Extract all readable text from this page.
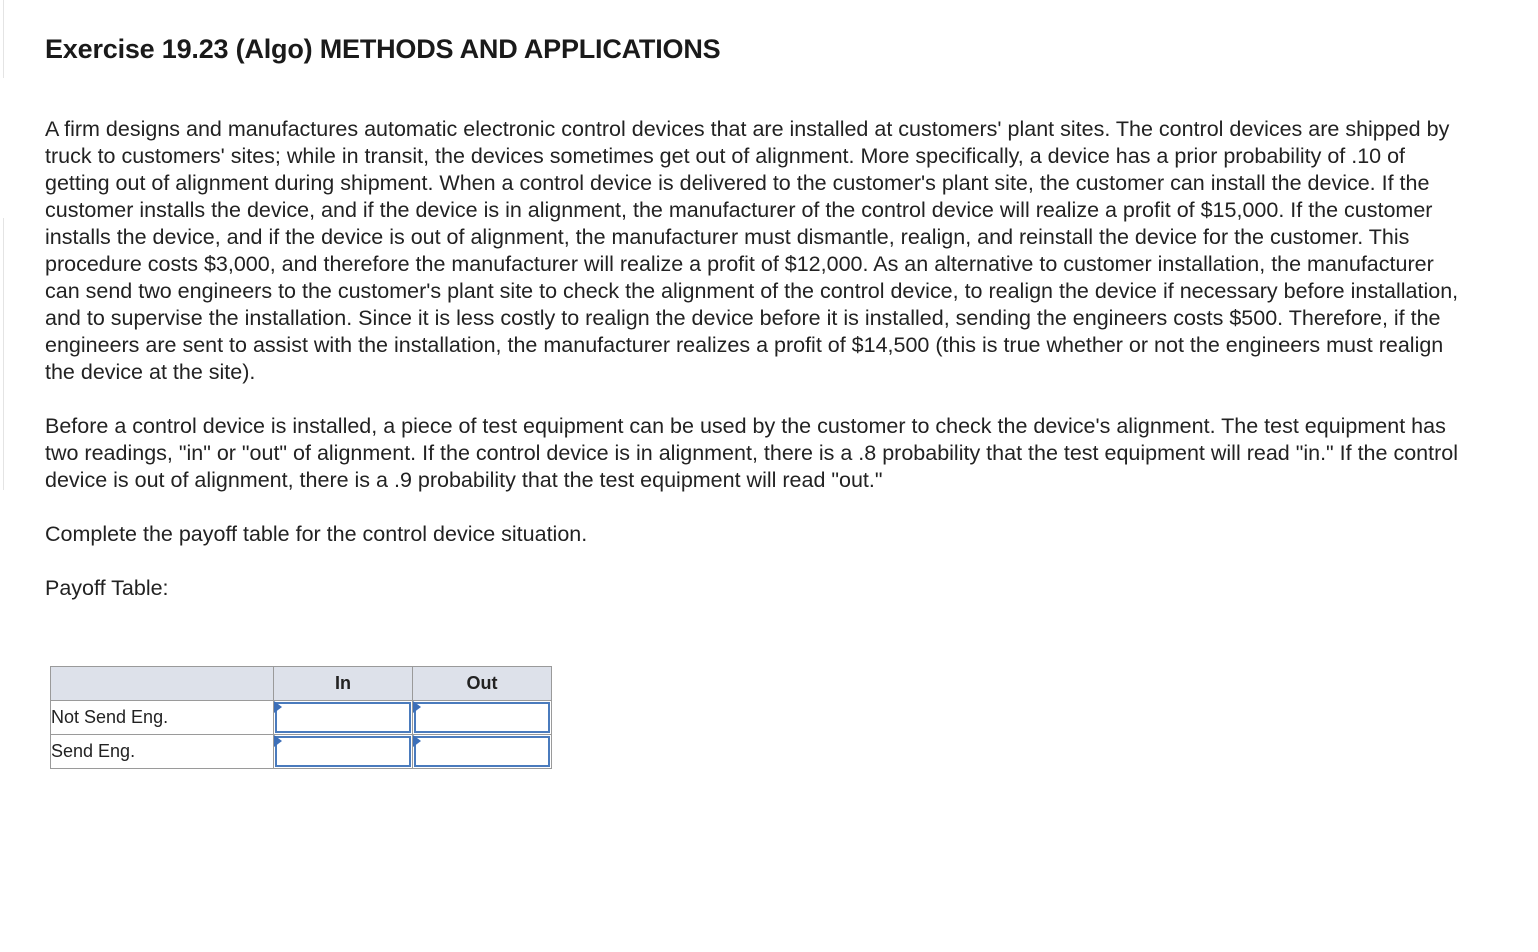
Exercise 19.23 (Algo) METHODS AND APPLICATIONS

A firm designs and manufactures automatic electronic control devices that are installed at customers' plant sites. The control devices are shipped by truck to customers' sites; while in transit, the devices sometimes get out of alignment. More specifically, a device has a prior probability of .10 of getting out of alignment during shipment. When a control device is delivered to the customer's plant site, the customer can install the device. If the customer installs the device, and if the device is in alignment, the manufacturer of the control device will realize a profit of $15,000. If the customer installs the device, and if the device is out of alignment, the manufacturer must dismantle, realign, and reinstall the device for the customer. This procedure costs $3,000, and therefore the manufacturer will realize a profit of $12,000. As an alternative to customer installation, the manufacturer can send two engineers to the customer's plant site to check the alignment of the control device, to realign the device if necessary before installation, and to supervise the installation. Since it is less costly to realign the device before it is installed, sending the engineers costs $500. Therefore, if the engineers are sent to assist with the installation, the manufacturer realizes a profit of $14,500 (this is true whether or not the engineers must realign the device at the site).

Before a control device is installed, a piece of test equipment can be used by the customer to check the device's alignment. The test equipment has two readings, "in" or "out" of alignment. If the control device is in alignment, there is a .8 probability that the test equipment will read "in." If the control device is out of alignment, there is a .9 probability that the test equipment will read "out."

Complete the payoff table for the control device situation.

Payoff Table:

	In	Out
Not Send Eng.	

Send Eng.	
